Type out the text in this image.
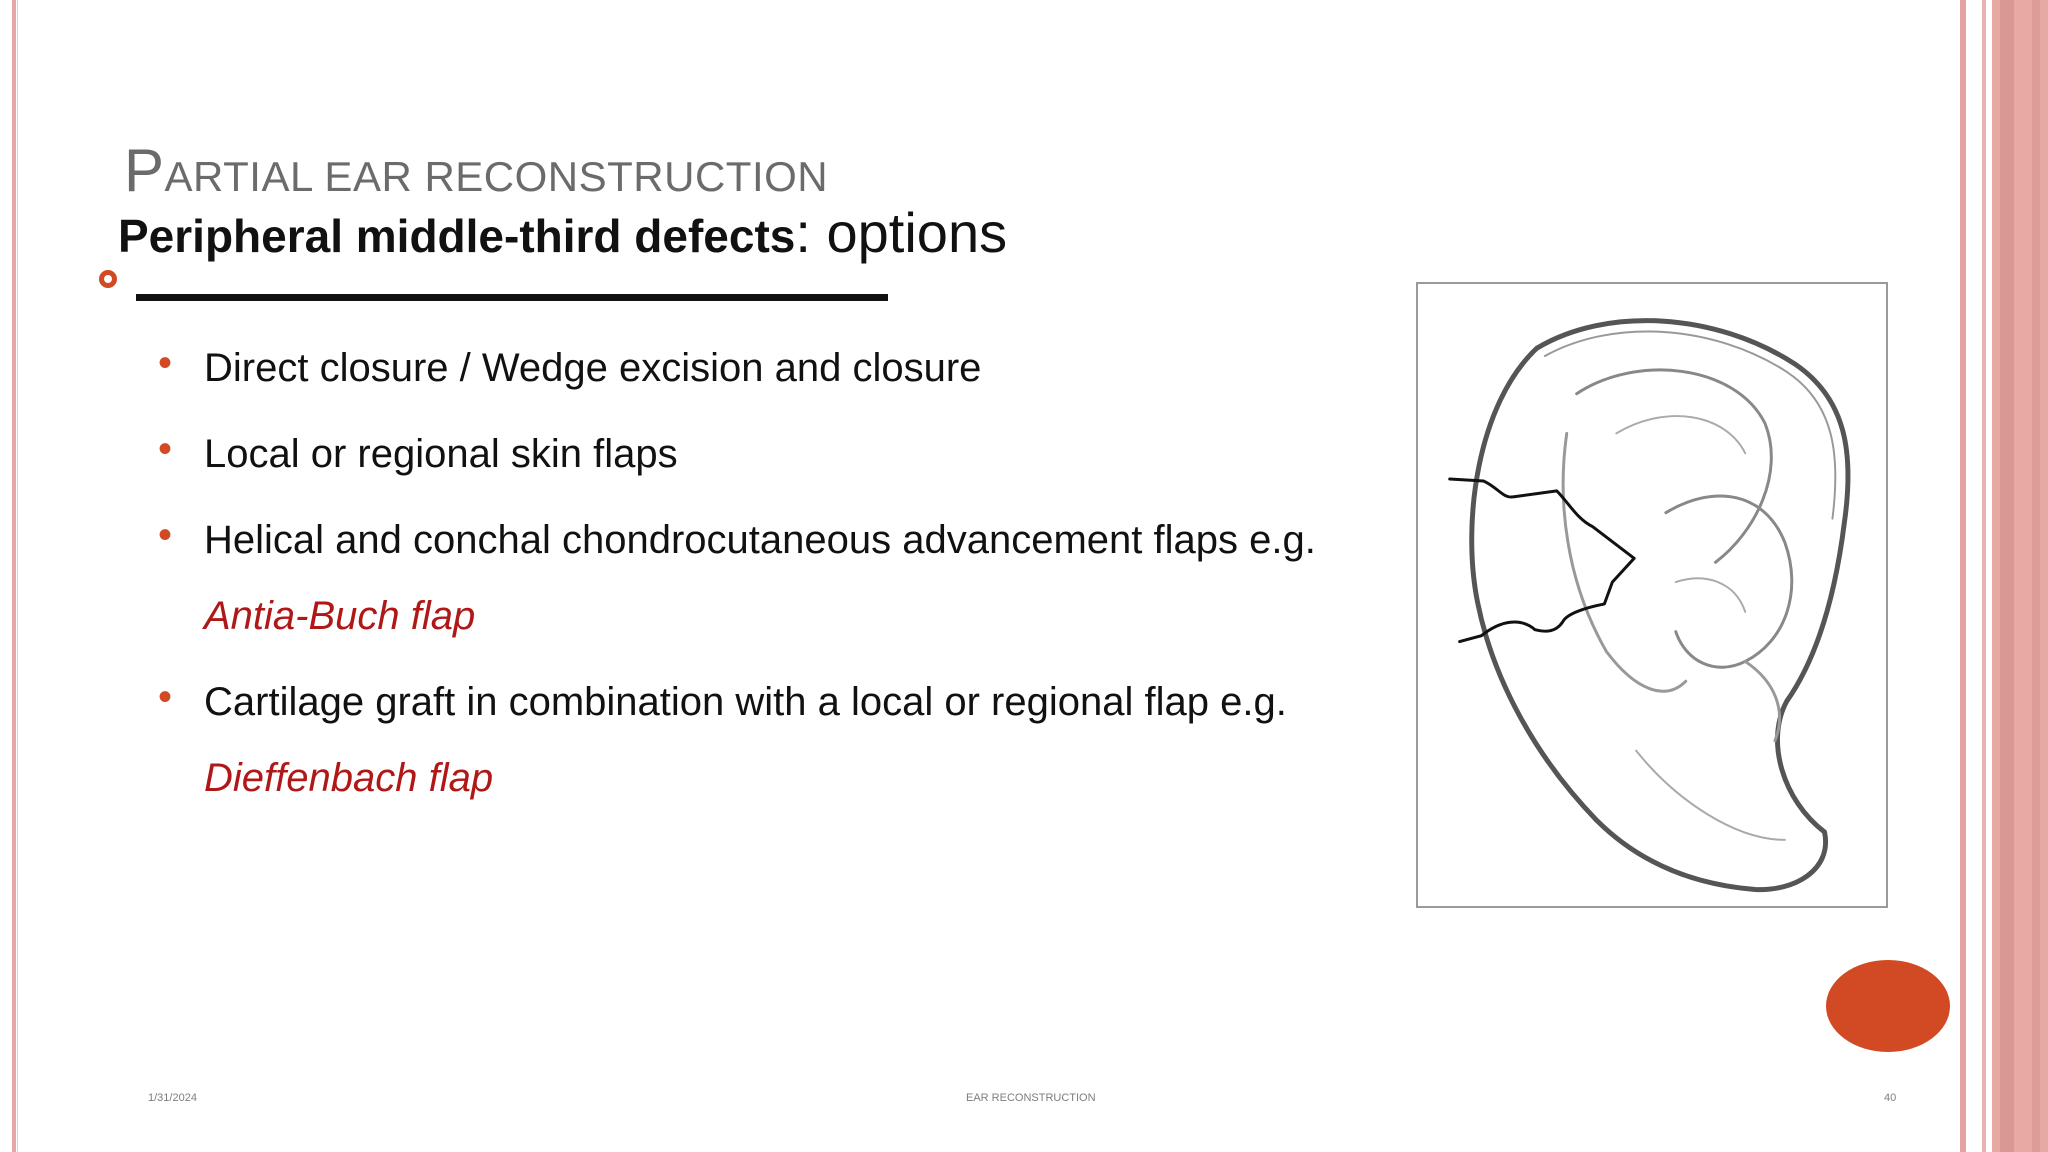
PARTIAL EAR RECONSTRUCTION
Peripheral middle-third defects: options
• Direct closure / Wedge excision and closure
• Local or regional skin flaps
• Helical and conchal chondrocutaneous advancement flaps e.g.
Antia-Buch flap
• Cartilage graft in combination with a local or regional flap e.g.
Dieffenbach flap
1/31/2024	EAR RECONSTRUCTION	40
